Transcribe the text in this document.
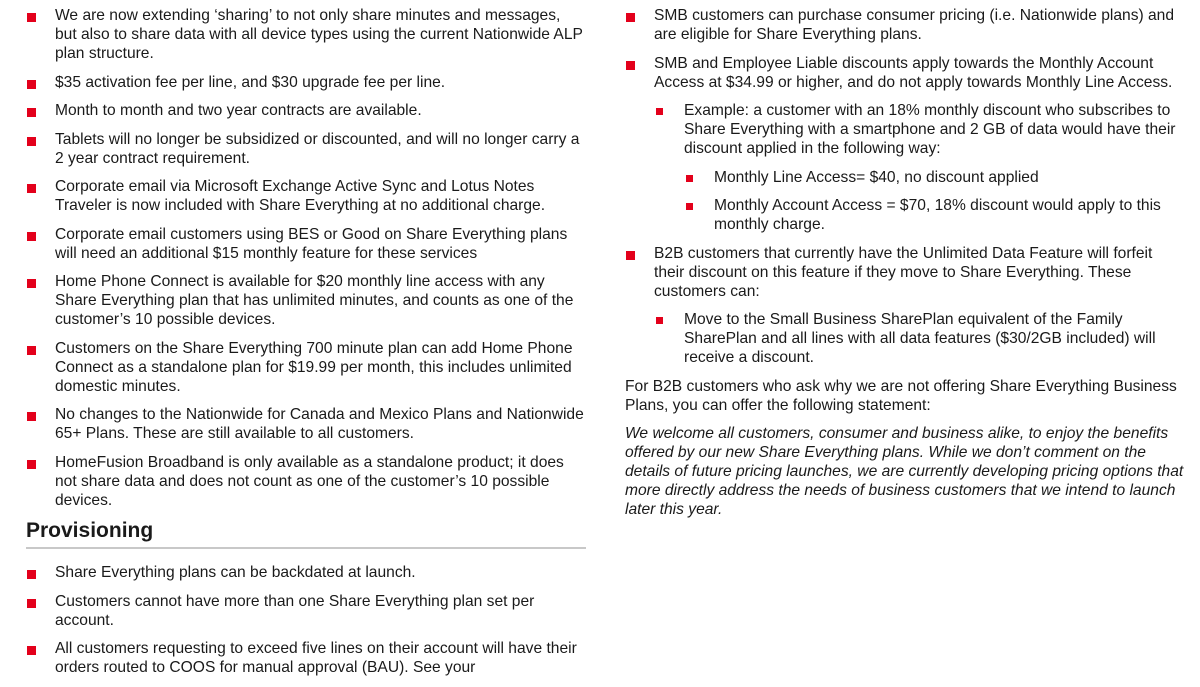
We are now extending ‘sharing’ to not only share minutes and messages, but also to share data with all device types using the current Nationwide ALP plan structure.
$35 activation fee per line, and $30 upgrade fee per line.
Month to month and two year contracts are available.
Tablets will no longer be subsidized or discounted, and will no longer carry a 2 year contract requirement.
Corporate email via Microsoft Exchange Active Sync and Lotus Notes Traveler is now included with Share Everything at no additional charge.
Corporate email customers using BES or Good on Share Everything plans will need an additional $15 monthly feature for these services
Home Phone Connect is available for $20 monthly line access with any Share Everything plan that has unlimited minutes, and counts as one of the customer’s 10 possible devices.
Customers on the Share Everything 700 minute plan can add Home Phone Connect as a standalone plan for $19.99 per month, this includes unlimited domestic minutes.
No changes to the Nationwide for Canada and Mexico Plans and Nationwide 65+ Plans. These are still available to all customers.
HomeFusion Broadband is only available as a standalone product; it does not share data and does not count as one of the customer’s 10 possible devices.
Provisioning
Share Everything plans can be backdated at launch.
Customers cannot have more than one Share Everything plan set per account.
All customers requesting to exceed five lines on their account will have their orders routed to COOS for manual approval (BAU). See your
SMB customers can purchase consumer pricing (i.e. Nationwide plans) and are eligible for Share Everything plans.
SMB and Employee Liable discounts apply towards the Monthly Account Access at $34.99 or higher, and do not apply towards Monthly Line Access.
Example: a customer with an 18% monthly discount who subscribes to Share Everything with a smartphone and 2 GB of data would have their discount applied in the following way:
Monthly Line Access= $40, no discount applied
Monthly Account Access = $70, 18% discount would apply to this monthly charge.
B2B customers that currently have the Unlimited Data Feature will forfeit their discount on this feature if they move to Share Everything. These customers can:
Move to the Small Business SharePlan equivalent of the Family SharePlan and all lines with all data features ($30/2GB included) will receive a discount.

For B2B customers who ask why we are not offering Share Everything Business Plans, you can offer the following statement:

We welcome all customers, consumer and business alike, to enjoy the benefits offered by our new Share Everything plans. While we don’t comment on the details of future pricing launches, we are currently developing pricing options that more directly address the needs of business customers that we intend to launch later this year.
